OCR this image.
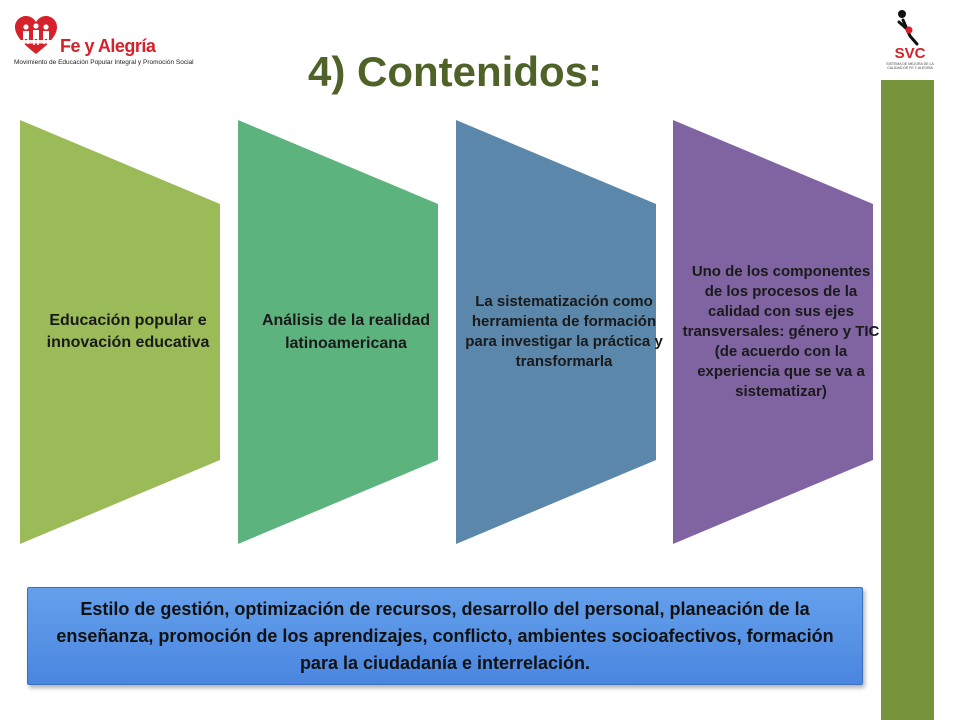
Fe y Alegría
Movimiento de Educación Popular Integral y Promoción Social
SVC
SISTEMA DE MEJORA DE LA CALIDAD DE FE Y ALEGRÍA
4) Contenidos:
Educación popular e innovación educativa
Análisis de la realidad latinoamericana
La sistematización como herramienta de formación para investigar la práctica y transformarla
Uno de los componentes de los procesos de la calidad con sus ejes transversales: género y TIC (de acuerdo con la experiencia que se va a sistematizar)
Estilo de gestión, optimización de recursos, desarrollo del personal, planeación de la enseñanza, promoción de los aprendizajes, conflicto, ambientes socioafectivos, formación para la ciudadanía e interrelación.
